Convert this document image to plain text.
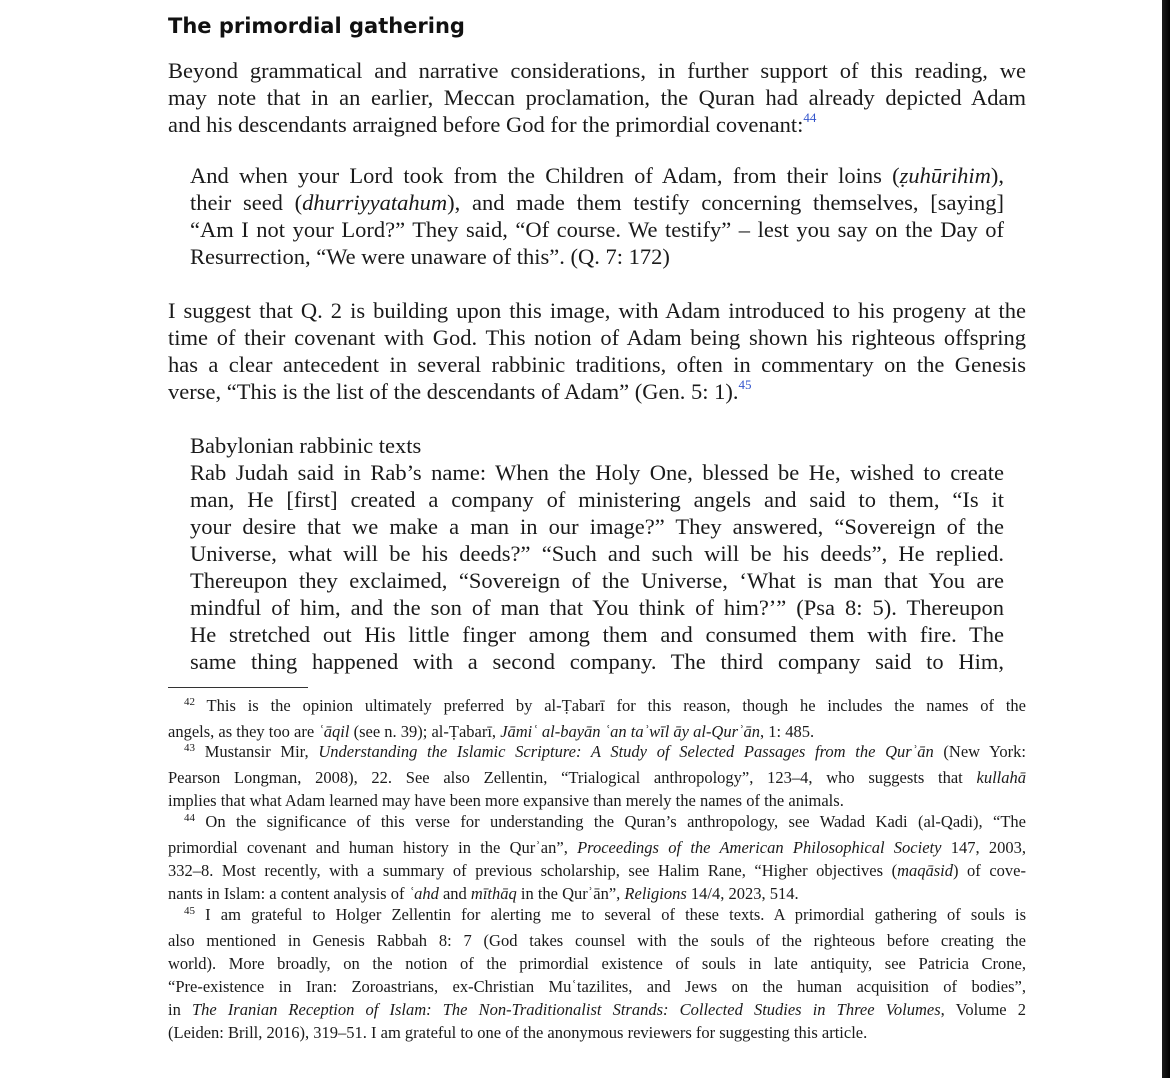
The primordial gathering
Beyond grammatical and narrative considerations, in further support of this reading, we
may note that in an earlier, Meccan proclamation, the Quran had already depicted Adam
and his descendants arraigned before God for the primordial covenant:$^{44}$
And when your Lord took from the Children of Adam, from their loins (ẓuhūrihim),
their seed (dhurriyyatahum), and made them testify concerning themselves, [saying]
“Am I not your Lord?” They said, “Of course. We testify” – lest you say on the Day of
Resurrection, “We were unaware of this”. (Q. 7: 172)
I suggest that Q. 2 is building upon this image, with Adam introduced to his progeny at the
time of their covenant with God. This notion of Adam being shown his righteous offspring
has a clear antecedent in several rabbinic traditions, often in commentary on the Genesis
verse, “This is the list of the descendants of Adam” (Gen. 5: 1).$^{45}$
Babylonian rabbinic texts
Rab Judah said in Rab’s name: When the Holy One, blessed be He, wished to create
man, He [first] created a company of ministering angels and said to them, “Is it
your desire that we make a man in our image?” They answered, “Sovereign of the
Universe, what will be his deeds?” “Such and such will be his deeds”, He replied.
Thereupon they exclaimed, “Sovereign of the Universe, ‘What is man that You are
mindful of him, and the son of man that You think of him?’” (Psa 8: 5). Thereupon
He stretched out His little finger among them and consumed them with fire. The
same thing happened with a second company. The third company said to Him,
$^{42}$ This is the opinion ultimately preferred by al-Ṭabarī for this reason, though he includes the names of the
angels, as they too are ʿāqil (see n. 39); al-Ṭabarī, Jāmiʿ al-bayān ʿan taʾwīl āy al-Qurʾān, 1: 485.
$^{43}$ Mustansir Mir, Understanding the Islamic Scripture: A Study of Selected Passages from the Qurʾān (New York:
Pearson Longman, 2008), 22. See also Zellentin, “Trialogical anthropology”, 123–4, who suggests that kullahā
implies that what Adam learned may have been more expansive than merely the names of the animals.
$^{44}$ On the significance of this verse for understanding the Quran’s anthropology, see Wadad Kadi (al-Qadi), “The
primordial covenant and human history in the Qurʾan”, Proceedings of the American Philosophical Society 147, 2003,
332–8. Most recently, with a summary of previous scholarship, see Halim Rane, “Higher objectives (maqāsid) of cove-
nants in Islam: a content analysis of ʿahd and mīthāq in the Qurʾān”, Religions 14/4, 2023, 514.
$^{45}$ I am grateful to Holger Zellentin for alerting me to several of these texts. A primordial gathering of souls is
also mentioned in Genesis Rabbah 8: 7 (God takes counsel with the souls of the righteous before creating the
world). More broadly, on the notion of the primordial existence of souls in late antiquity, see Patricia Crone,
“Pre-existence in Iran: Zoroastrians, ex-Christian Muʿtazilites, and Jews on the human acquisition of bodies”,
in The Iranian Reception of Islam: The Non-Traditionalist Strands: Collected Studies in Three Volumes, Volume 2
(Leiden: Brill, 2016), 319–51. I am grateful to one of the anonymous reviewers for suggesting this article.
